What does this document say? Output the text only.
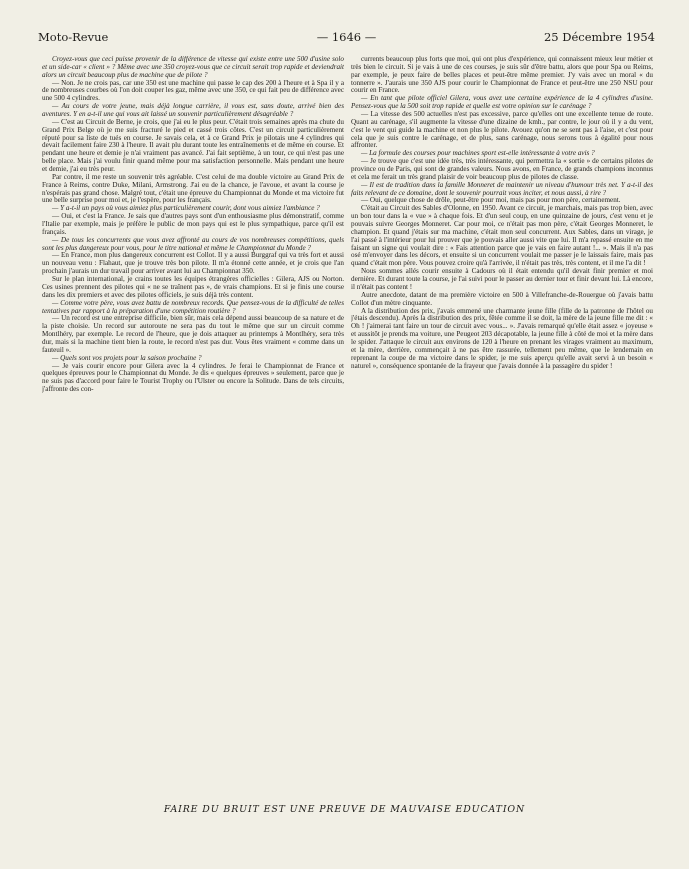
Moto-Revue	— 1646 —	25 Décembre 1954

Croyez-vous que ceci puisse provenir de la différence de vitesse qui existe entre une 500 d'usine solo et un side-car « client » ? Même avec une 350 croyez-vous que ce circuit serait trop rapide et deviendrait alors un circuit beaucoup plus de machine que de pilote ?

— Non. Je ne crois pas, car une 350 est une machine qui passe le cap des 200 à l'heure et à Spa il y a de nombreuses courbes où l'on doit couper les gaz, même avec une 350, ce qui fait peu de différence avec une 500 4 cylindres.

— Au cours de votre jeune, mais déjà longue carrière, il vous est, sans doute, arrivé bien des aventures. Y en a-t-il une qui vous ait laissé un souvenir particulièrement désagréable ?

— C'est au Circuit de Berne, je crois, que j'ai eu le plus peur. C'était trois semaines après ma chute du Grand Prix Belge où je me suis fracturé le pied et cassé trois côtes. C'est un circuit particulièrement réputé pour sa liste de tués en course. Je savais cela, et à ce Grand Prix je pilotais une 4 cylindres qui devait facilement faire 230 à l'heure. Il avait plu durant toute les entraînements et de même en course. Et pendant une heure et demie je n'ai vraiment pas avancé. J'ai fait septième, à un tour, ce qui n'est pas une belle place. Mais j'ai voulu finir quand même pour ma satisfaction personnelle. Mais pendant une heure et demie, j'ai eu très peur.

Par contre, il me reste un souvenir très agréable. C'est celui de ma double victoire au Grand Prix de France à Reims, contre Duke, Milani, Armstrong. J'ai eu de la chance, je l'avoue, et avant la course je n'espérais pas grand chose. Malgré tout, c'était une épreuve du Championnat du Monde et ma victoire fut une belle surprise pour moi et, je l'espère, pour les français.

— Y a-t-il un pays où vous aimiez plus particulièrement courir, dont vous aimiez l'ambiance ?

— Oui, et c'est la France. Je sais que d'autres pays sont d'un enthousiasme plus démonstratif, comme l'Italie par exemple, mais je préfère le public de mon pays qui est le plus sympathique, parce qu'il est français.

— De tous les concurrents que vous avez affronté au cours de vos nombreuses compétitions, quels sont les plus dangereux pour vous, pour le titre national et même le Championnat du Monde ?

— En France, mon plus dangereux concurrent est Collot. Il y a aussi Burggraf qui va très fort et aussi un nouveau venu : Flahaut, que je trouve très bon pilote. Il m'a étonné cette année, et je crois que l'an prochain j'aurais un dur travail pour arriver avant lui au Championnat 350.

Sur le plan international, je crains toutes les équipes étrangères officielles : Gilera, AJS ou Norton. Ces usines prennent des pilotes qui « ne se traînent pas », de vrais champions. Et si je finis une course dans les dix premiers et avec des pilotes officiels, je suis déjà très content.

— Comme votre père, vous avez battu de nombreux records. Que pensez-vous de la difficulté de telles tentatives par rapport à la préparation d'une compétition routière ?

— Un record est une entreprise difficile, bien sûr, mais cela dépend aussi beaucoup de sa nature et de la piste choisie. Un record sur autoroute ne sera pas du tout le même que sur un circuit comme Montlhéry, par exemple. Le record de l'heure, que je dois attaquer au printemps à Montlhéry, sera très dur, mais si la machine tient bien la route, le record n'est pas dur. Vous êtes vraiment « comme dans un fauteuil ».

— Quels sont vos projets pour la saison prochaine ?

— Je vais courir encore pour Gilera avec la 4 cylindres. Je ferai le Championnat de France et quelques épreuves pour le Championnat du Monde. Je dis « quelques épreuves » seulement, parce que je ne suis pas d'accord pour faire le Tourist Trophy ou l'Ulster ou encore la Solitude. Dans de tels circuits, j'affronte des con-

currents beaucoup plus forts que moi, qui ont plus d'expérience, qui connaissent mieux leur métier et très bien le circuit. Si je vais à une de ces courses, je suis sûr d'être battu, alors que pour Spa ou Reims, par exemple, je peux faire de belles places et peut-être même premier. J'y vais avec un moral « du tonnerre ». J'aurais une 350 AJS pour courir le Championnat de France et peut-être une 250 NSU pour courir en France.

— En tant que pilote officiel Gilera, vous avez une certaine expérience de la 4 cylindres d'usine. Pensez-vous que la 500 soit trop rapide et quelle est votre opinion sur le carénage ?

— La vitesse des 500 actuelles n'est pas excessive, parce qu'elles ont une excellente tenue de route. Quant au carénage, s'il augmente la vitesse d'une dizaine de kmh., par contre, le jour où il y a du vent, c'est le vent qui guide la machine et non plus le pilote. Avouez qu'on ne se sent pas à l'aise, et c'est pour cela que je suis contre le carénage, et de plus, sans carénage, nous serons tous à égalité pour nous affronter.

— La formule des courses pour machines sport est-elle intéressante à votre avis ?

— Je trouve que c'est une idée très, très intéressante, qui permettra la « sortie » de certains pilotes de province ou de Paris, qui sont de grandes valeurs. Nous avons, en France, de grands champions inconnus et cela me ferait un très grand plaisir de voir beaucoup plus de pilotes de classe.

— Il est de tradition dans la famille Monneret de maintenir un niveau d'humour très net. Y a-t-il des faits relevant de ce domaine, dont le souvenir pourrait vous inciter, et nous aussi, à rire ?

— Oui, quelque chose de drôle, peut-être pour moi, mais pas pour mon père, certainement.

C'était au Circuit des Sables d'Olonne, en 1950. Avant ce circuit, je marchais, mais pas trop bien, avec un bon tour dans la « vue » à chaque fois. Et d'un seul coup, en une quinzaine de jours, c'est venu et je pouvais suivre Georges Monneret. Car pour moi, ce n'était pas mon père, c'était Georges Monneret, le champion. Et quand j'étais sur ma machine, c'était mon seul concurrent. Aux Sables, dans un virage, je l'ai passé à l'intérieur pour lui prouver que je pouvais aller aussi vite que lui. Il m'a repassé ensuite en me faisant un signe qui voulait dire : « Fais attention parce que je vais en faire autant !... ». Mais il n'a pas osé m'envoyer dans les décors, et ensuite si un concurrent voulait me passer je le laissais faire, mais pas quand c'était mon père. Vous pouvez croire qu'à l'arrivée, il n'était pas très, très content, et il me l'a dit !

Nous sommes allés courir ensuite à Cadours où il était entendu qu'il devait finir premier et moi dernière. Et durant toute la course, je l'ai suivi pour le passer au dernier tour et finir devant lui. Là encore, il n'était pas content !

Autre anecdote, datant de ma première victoire en 500 à Villefranche-de-Rouergue où j'avais battu Collot d'un mètre cinquante.

A la distribution des prix, j'avais emmené une charmante jeune fille (fille de la patronne de l'hôtel ou j'étais descendu). Après la distribution des prix, fêtée comme il se doit, la mère de la jeune fille me dit : « Oh ! j'aimerai tant faire un tour de circuit avec vous... ». J'avais remarqué qu'elle était assez « joyeuse » et aussitôt je prends ma voiture, une Peugeot 203 décapotable, la jeune fille à côté de moi et la mère dans le spider. J'attaque le circuit aux environs de 120 à l'heure en prenant les virages vraiment au maximum, et la mère, derrière, commençait à ne pas être rassurée, tellement peu même, que le lendemain en reprenant la coupe de ma victoire dans le spider, je me suis aperçu qu'elle avait servi à un besoin « naturel », conséquence spontanée de la frayeur que j'avais donnée à la passagère du spider !

FAIRE DU BRUIT EST UNE PREUVE DE MAUVAISE EDUCATION
